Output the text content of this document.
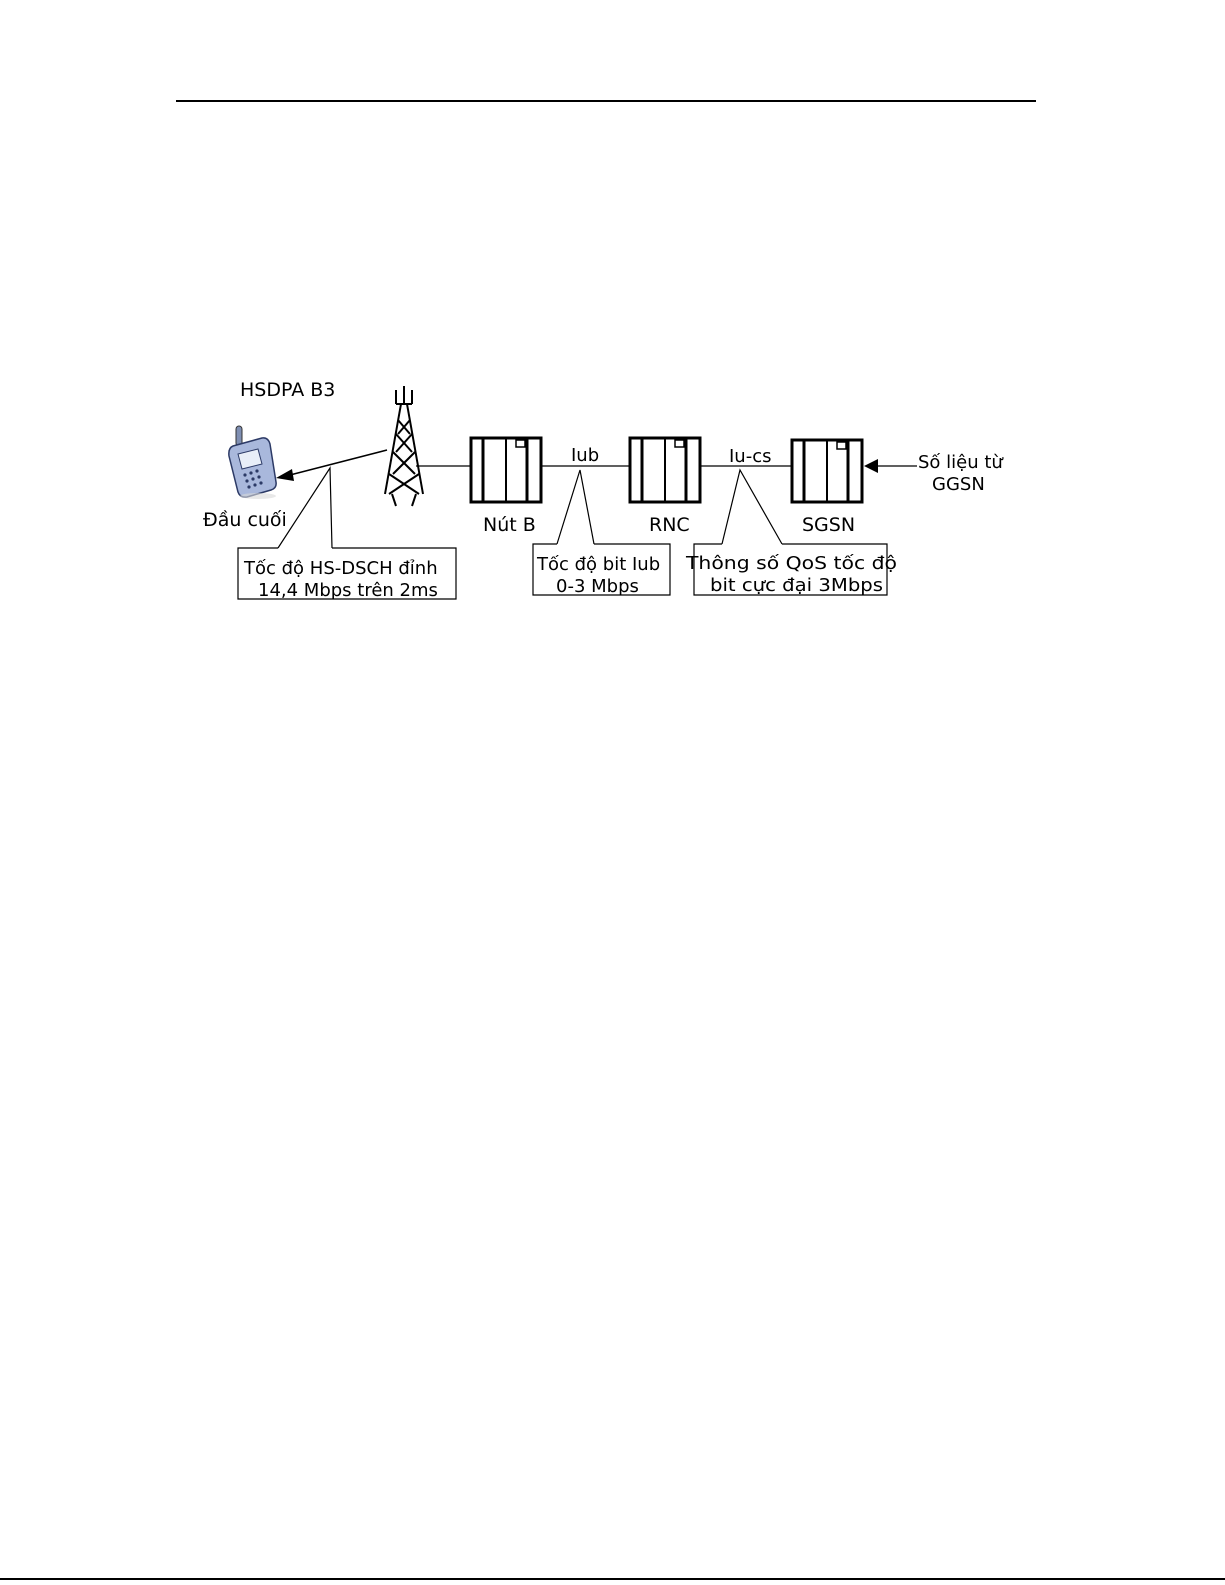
HSDPA B3
Đầu cuối	Nút B	RNC	SGSN
Iub	Iu-cs	Số liệu từ
GGSN
Tốc độ HS-DSCH đỉnh
14,4 Mbps trên 2ms
Tốc độ bit Iub
0-3 Mbps
Thông số QoS tốc độ
bit cực đại 3Mbps
